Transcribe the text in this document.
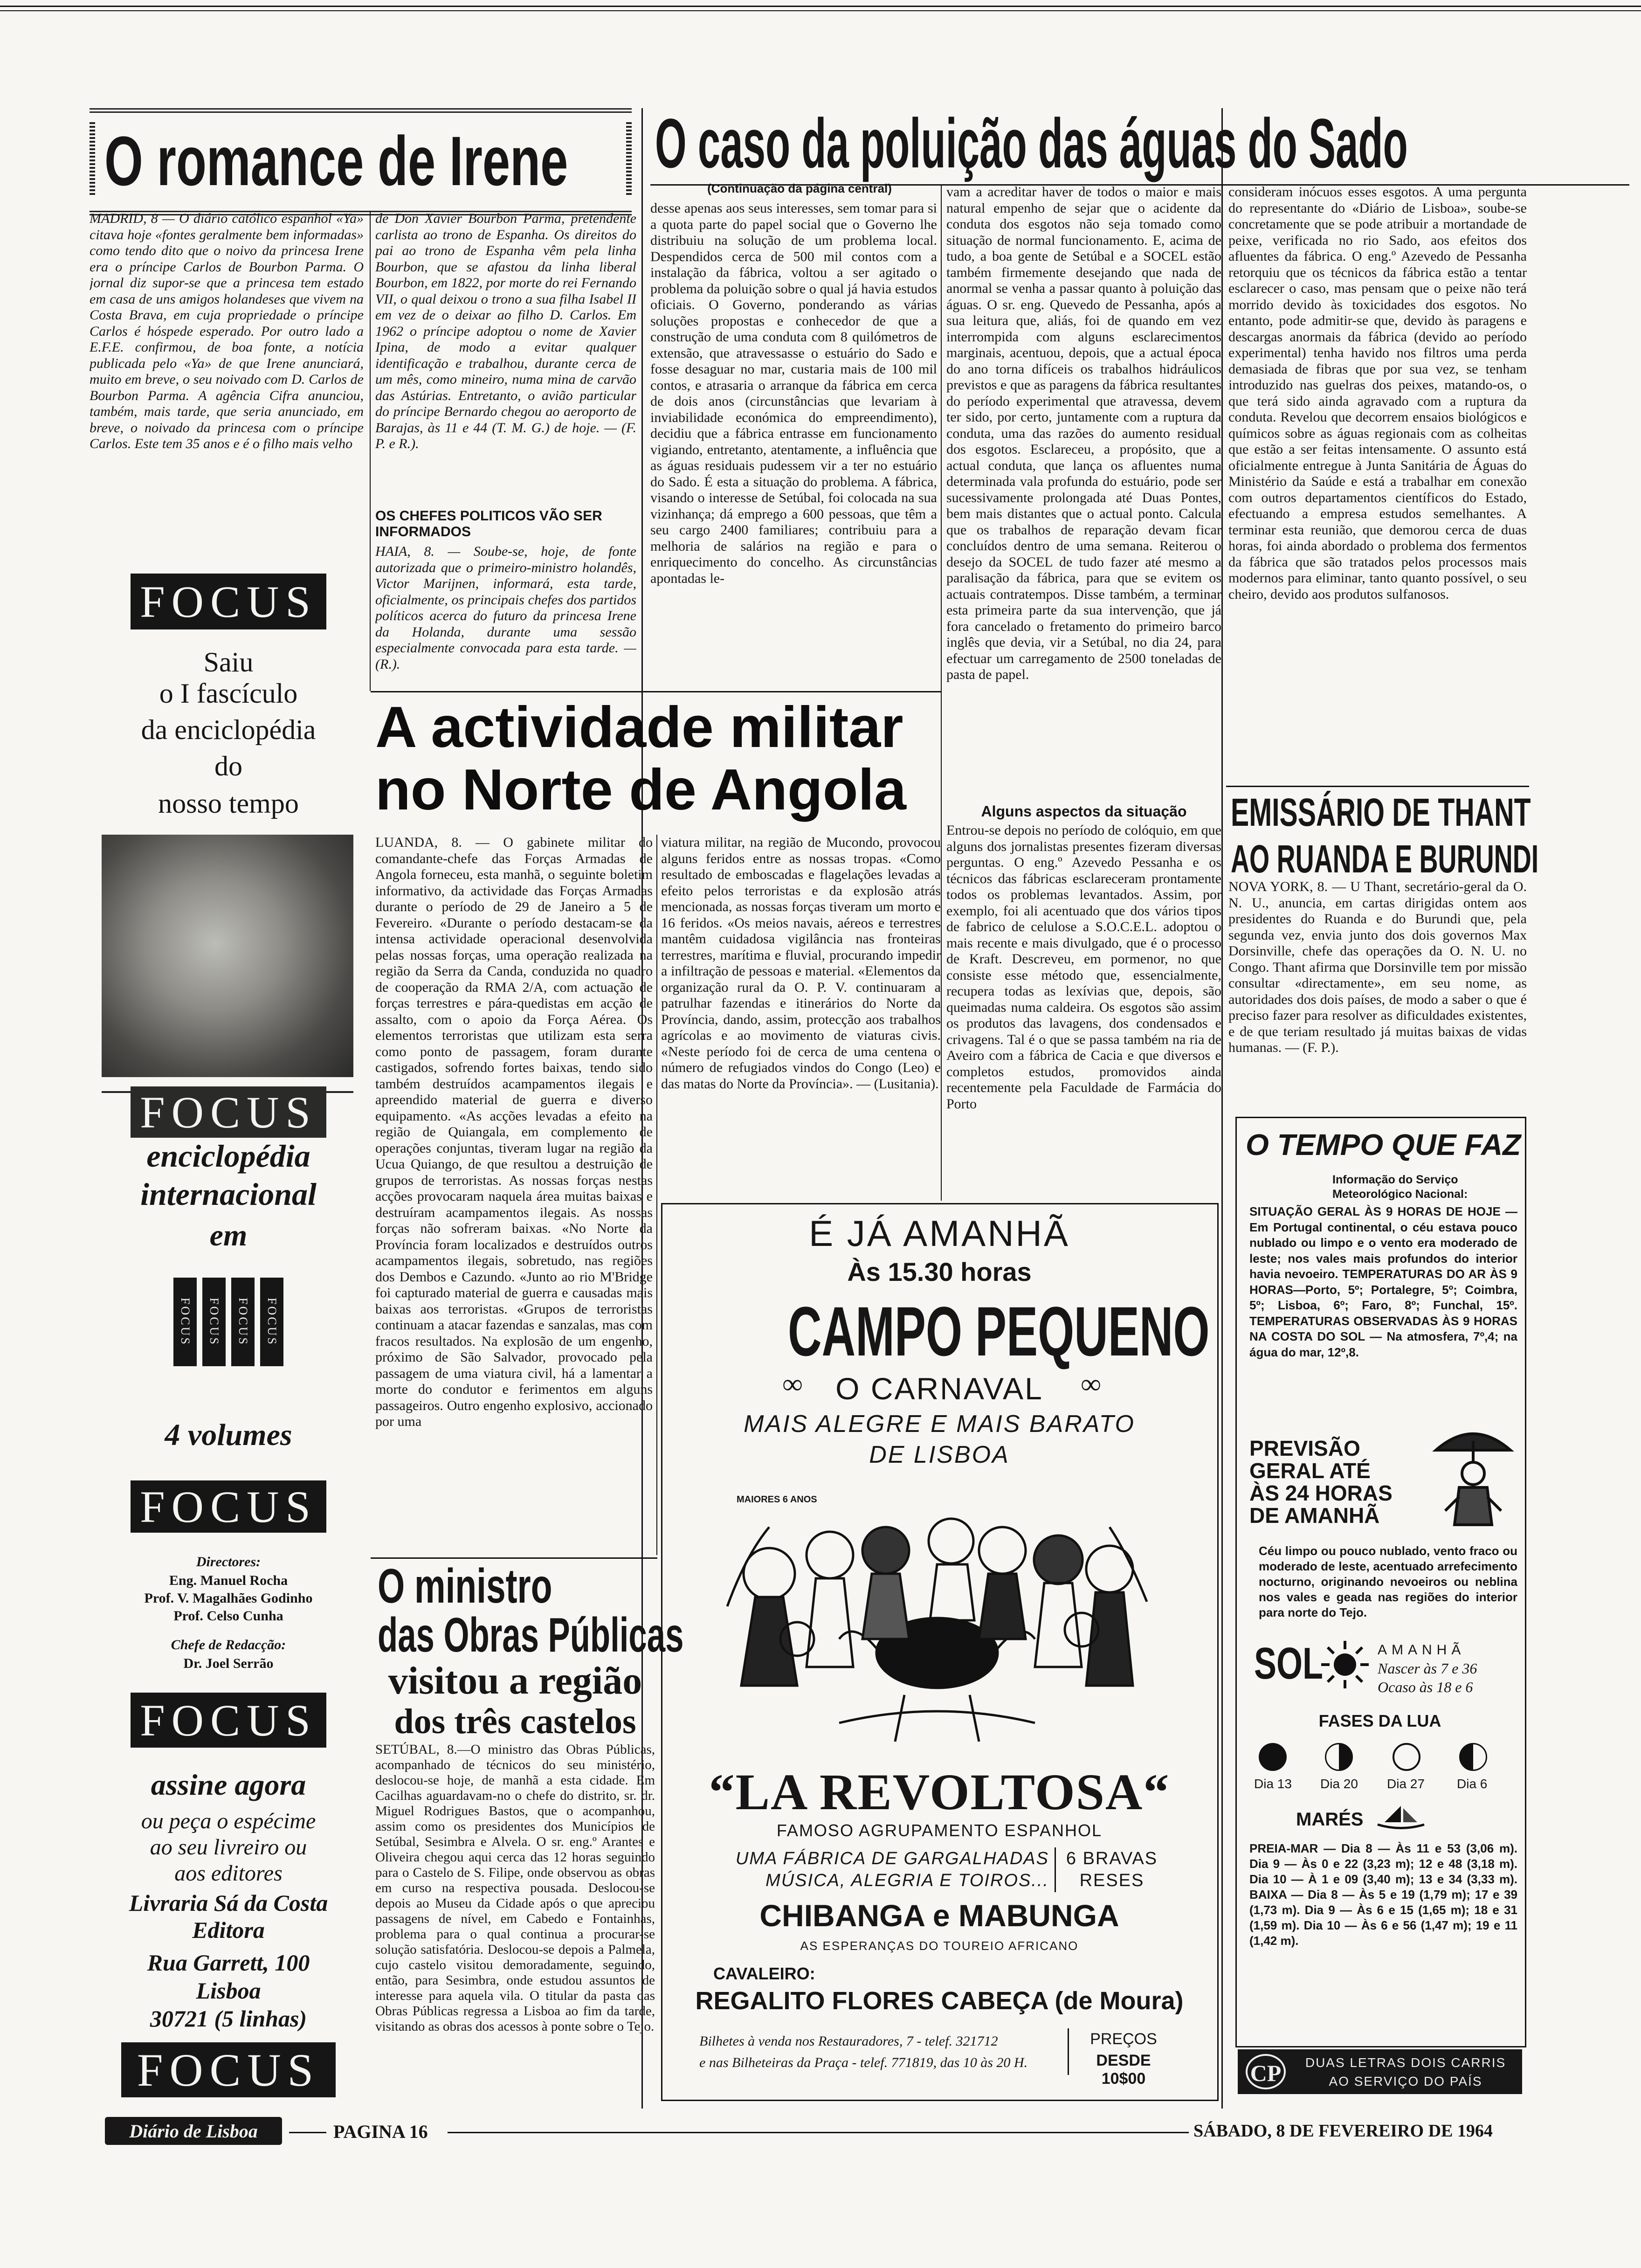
O romance de Irene
MADRID, 8 — O diário católico espanhol «Ya» citava hoje «fontes geralmente bem informadas» como tendo dito que o noivo da princesa Irene era o príncipe Carlos de Bourbon Parma. O jornal diz supor-se que a princesa tem estado em casa de uns amigos holandeses que vivem na Costa Brava, em cuja propriedade o príncipe Carlos é hóspede esperado. Por outro lado a E.F.E. confirmou, de boa fonte, a notícia publicada pelo «Ya» de que Irene anunciará, muito em breve, o seu noivado com D. Carlos de Bourbon Parma. A agência Cifra anunciou, também, mais tarde, que seria anunciado, em breve, o noivado da princesa com o príncipe Carlos. Este tem 35 anos e é o filho mais velho
de Don Xavier Bourbon Parma, pretendente carlista ao trono de Espanha. Os direitos do pai ao trono de Espanha vêm pela linha Bourbon, que se afastou da linha liberal Bourbon, em 1822, por morte do rei Fernando VII, o qual deixou o trono a sua filha Isabel II em vez de o deixar ao filho D. Carlos. Em 1962 o príncipe adoptou o nome de Xavier Ipina, de modo a evitar qualquer identificação e trabalhou, durante cerca de um mês, como mineiro, numa mina de carvão das Astúrias. Entretanto, o avião particular do príncipe Bernardo chegou ao aeroporto de Barajas, às 11 e 44 (T. M. G.) de hoje. — (F. P. e R.).
OS CHEFES POLITICOS VÃO SER INFORMADOS
HAIA, 8. — Soube-se, hoje, de fonte autorizada que o primeiro-ministro holandês, Victor Marijnen, informará, esta tarde, oficialmente, os principais chefes dos partidos políticos acerca do futuro da princesa Irene da Holanda, durante uma sessão especialmente convocada para esta tarde. — (R.).
FOCUS
Saiu
o I fascículo
da enciclopédia
do
nosso tempo
FOCUS
enciclopédia
internacional
em
FOCUS	FOCUS	FOCUS	FOCUS
4 volumes
FOCUS
Directores:
Eng. Manuel Rocha
Prof. V. Magalhães Godinho
Prof. Celso Cunha
Chefe de Redacção:
Dr. Joel Serrão
FOCUS
assine agora
ou peça o espécime
ao seu livreiro ou
aos editores
Livraria Sá da Costa
Editora
Rua Garrett, 100
Lisboa
30721 (5 linhas)
FOCUS
O caso da poluição das águas do Sado
(Continuação da página central)
desse apenas aos seus interesses, sem tomar para si a quota parte do papel social que o Governo lhe distribuiu na solução de um problema local. Despendidos cerca de 500 mil contos com a instalação da fábrica, voltou a ser agitado o problema da poluição sobre o qual já havia estudos oficiais. O Governo, ponderando as várias soluções propostas e conhecedor de que a construção de uma conduta com 8 quilómetros de extensão, que atravessasse o estuário do Sado e fosse desaguar no mar, custaria mais de 100 mil contos, e atrasaria o arranque da fábrica em cerca de dois anos (circunstâncias que levariam à inviabilidade económica do empreendimento), decidiu que a fábrica entrasse em funcionamento vigiando, entretanto, atentamente, a influência que as águas residuais pudessem vir a ter no estuário do Sado. É esta a situação do problema. A fábrica, visando o interesse de Setúbal, foi colocada na sua vizinhança; dá emprego a 600 pessoas, que têm a seu cargo 2400 familiares; contribuiu para a melhoria de salários na região e para o enriquecimento do concelho. As circunstâncias apontadas le-
vam a acreditar haver de todos o maior e mais natural empenho de sejar que o acidente da conduta dos esgotos não seja tomado como situação de normal funcionamento. E, acima de tudo, a boa gente de Setúbal e a SOCEL estão também firmemente desejando que nada de anormal se venha a passar quanto à poluição das águas. O sr. eng. Quevedo de Pessanha, após a sua leitura que, aliás, foi de quando em vez interrompida com alguns esclarecimentos marginais, acentuou, depois, que a actual época do ano torna difíceis os trabalhos hidráulicos previstos e que as paragens da fábrica resultantes do período experimental que atravessa, devem ter sido, por certo, juntamente com a ruptura da conduta, uma das razões do aumento residual dos esgotos. Esclareceu, a propósito, que a actual conduta, que lança os afluentes numa determinada vala profunda do estuário, pode ser sucessivamente prolongada até Duas Pontes, bem mais distantes que o actual ponto. Calcula que os trabalhos de reparação devam ficar concluídos dentro de uma semana. Reiterou o desejo da SOCEL de tudo fazer até mesmo a paralisação da fábrica, para que se evitem os actuais contratempos. Disse também, a terminar esta primeira parte da sua intervenção, que já fora cancelado o fretamento do primeiro barco inglês que devia, vir a Setúbal, no dia 24, para efectuar um carregamento de 2500 toneladas de pasta de papel.
Alguns aspectos da situação
Entrou-se depois no período de colóquio, em que alguns dos jornalistas presentes fizeram diversas perguntas. O eng.º Azevedo Pessanha e os técnicos das fábricas esclareceram prontamente todos os problemas levantados. Assim, por exemplo, foi ali acentuado que dos vários tipos de fabrico de celulose a S.O.C.E.L. adoptou o mais recente e mais divulgado, que é o processo de Kraft. Descreveu, em pormenor, no que consiste esse método que, essencialmente, recupera todas as lexívias que, depois, são queimadas numa caldeira. Os esgotos são assim os produtos das lavagens, dos condensados e crivagens. Tal é o que se passa também na ria de Aveiro com a fábrica de Cacia e que diversos e completos estudos, promovidos ainda recentemente pela Faculdade de Farmácia do Porto
consideram inócuos esses esgotos. A uma pergunta do representante do «Diário de Lisboa», soube-se concretamente que se pode atribuir a mortandade de peixe, verificada no rio Sado, aos efeitos dos afluentes da fábrica. O eng.º Azevedo de Pessanha retorquiu que os técnicos da fábrica estão a tentar esclarecer o caso, mas pensam que o peixe não terá morrido devido às toxicidades dos esgotos. No entanto, pode admitir-se que, devido às paragens e descargas anormais da fábrica (devido ao período experimental) tenha havido nos filtros uma perda demasiada de fibras que por sua vez, se tenham introduzido nas guelras dos peixes, matando-os, o que terá sido ainda agravado com a ruptura da conduta. Revelou que decorrem ensaios biológicos e químicos sobre as águas regionais com as colheitas que estão a ser feitas intensamente. O assunto está oficialmente entregue à Junta Sanitária de Águas do Ministério da Saúde e está a trabalhar em conexão com outros departamentos científicos do Estado, efectuando a empresa estudos semelhantes. A terminar esta reunião, que demorou cerca de duas horas, foi ainda abordado o problema dos fermentos da fábrica que são tratados pelos processos mais modernos para eliminar, tanto quanto possível, o seu cheiro, devido aos produtos sulfanosos.
A actividade militar
no Norte de Angola
LUANDA, 8. — O gabinete militar do comandante-chefe das Forças Armadas de Angola forneceu, esta manhã, o seguinte boletim informativo, da actividade das Forças Armadas durante o período de 29 de Janeiro a 5 de Fevereiro. «Durante o período destacam-se da intensa actividade operacional desenvolvida pelas nossas forças, uma operação realizada na região da Serra da Canda, conduzida no quadro de cooperação da RMA 2/A, com actuação de forças terrestres e pára-quedistas em acção de assalto, com o apoio da Força Aérea. Os elementos terroristas que utilizam esta serra como ponto de passagem, foram durante castigados, sofrendo fortes baixas, tendo sido também destruídos acampamentos ilegais e apreendido material de guerra e diverso equipamento. «As acções levadas a efeito na região de Quiangala, em complemento de operações conjuntas, tiveram lugar na região da Ucua Quiango, de que resultou a destruição de grupos de terroristas. As nossas forças nestas acções provocaram naquela área muitas baixas e destruíram acampamentos ilegais. As nossas forças não sofreram baixas. «No Norte da Província foram localizados e destruídos outros acampamentos ilegais, sobretudo, nas regiões dos Dembos e Cazundo. «Junto ao rio M'Bridge foi capturado material de guerra e causadas mais baixas aos terroristas. «Grupos de terroristas continuam a atacar fazendas e sanzalas, mas com fracos resultados. Na explosão de um engenho, próximo de São Salvador, provocado pela passagem de uma viatura civil, há a lamentar a morte do condutor e ferimentos em alguns passageiros. Outro engenho explosivo, accionado por uma
viatura militar, na região de Mucondo, provocou alguns feridos entre as nossas tropas. «Como resultado de emboscadas e flagelações levadas a efeito pelos terroristas e da explosão atrás mencionada, as nossas forças tiveram um morto e 16 feridos. «Os meios navais, aéreos e terrestres mantêm cuidadosa vigilância nas fronteiras terrestres, marítima e fluvial, procurando impedir a infiltração de pessoas e material. «Elementos da organização rural da O. P. V. continuaram a patrulhar fazendas e itinerários do Norte da Província, dando, assim, protecção aos trabalhos agrícolas e ao movimento de viaturas civis. «Neste período foi de cerca de uma centena o número de refugiados vindos do Congo (Leo) e das matas do Norte da Província». — (Lusitania).
O ministro
das Obras Públicas
visitou a região
dos três castelos
SETÚBAL, 8.—O ministro das Obras Públicas, acompanhado de técnicos do seu ministério, deslocou-se hoje, de manhã a esta cidade. Em Cacilhas aguardavam-no o chefe do distrito, sr. dr. Miguel Rodrigues Bastos, que o acompanhou, assim como os presidentes dos Municípios de Setúbal, Sesimbra e Alvela. O sr. eng.º Arantes e Oliveira chegou aqui cerca das 12 horas seguindo para o Castelo de S. Filipe, onde observou as obras em curso na respectiva pousada. Deslocou-se depois ao Museu da Cidade após o que apreciou passagens de nível, em Cabedo e Fontainhas, problema para o qual continua a procurar-se solução satisfatória. Deslocou-se depois a Palmela, cujo castelo visitou demoradamente, seguindo, então, para Sesimbra, onde estudou assuntos de interesse para aquela vila. O titular da pasta das Obras Públicas regressa a Lisboa ao fim da tarde, visitando as obras dos acessos à ponte sobre o Tejo.
É JÁ AMANHÃ
Às 15.30 horas
CAMPO PEQUENO
O CARNAVAL
∞	∞
MAIS ALEGRE E MAIS BARATO
DE LISBOA
MAIORES 6 ANOS
“LA REVOLTOSA“
FAMOSO AGRUPAMENTO ESPANHOL
UMA FÁBRICA DE GARGALHADAS
MÚSICA, ALEGRIA E TOIROS...
6 BRAVAS
RESES
CHIBANGA e MABUNGA
AS ESPERANÇAS DO TOUREIO AFRICANO
CAVALEIRO:
REGALITO FLORES CABEÇA (de Moura)
Bilhetes à venda nos Restauradores, 7 - telef. 321712
e nas Bilheteiras da Praça - telef. 771819, das 10 às 20 H.
PREÇOS
DESDE 10$00
EMISSÁRIO DE THANT
AO RUANDA E BURUNDI
NOVA YORK, 8. — U Thant, secretário-geral da O. N. U., anuncia, em cartas dirigidas ontem aos presidentes do Ruanda e do Burundi que, pela segunda vez, envia junto dos dois governos Max Dorsinville, chefe das operações da O. N. U. no Congo. Thant afirma que Dorsinville tem por missão consultar «directamente», em seu nome, as autoridades dos dois países, de modo a saber o que é preciso fazer para resolver as dificuldades existentes, e de que teriam resultado já muitas baixas de vidas humanas. — (F. P.).
O TEMPO QUE FAZ
Informação do Serviço Meteorológico Nacional:
SITUAÇÃO GERAL ÀS 9 HORAS DE HOJE — Em Portugal continental, o céu estava pouco nublado ou limpo e o vento era moderado de leste; nos vales mais profundos do interior havia nevoeiro. TEMPERATURAS DO AR ÀS 9 HORAS—Porto, 5º; Portalegre, 5º; Coimbra, 5º; Lisboa, 6º; Faro, 8º; Funchal, 15º. TEMPERATURAS OBSERVADAS ÀS 9 HORAS NA COSTA DO SOL — Na atmosfera, 7º,4; na água do mar, 12º,8.
PREVISÃO
GERAL ATÉ
ÀS 24 HORAS
DE AMANHÃ
Céu limpo ou pouco nublado, vento fraco ou moderado de leste, acentuado arrefecimento nocturno, originando nevoeiros ou neblina nos vales e geada nas regiões do interior para norte do Tejo.
SOL	AMANHÃ
Nascer às 7 e 36
Ocaso às 18 e 6
FASES DA LUA
Dia 13 Dia 20 Dia 27 Dia 6
MARÉS
PREIA-MAR — Dia 8 — Às 11 e 53 (3,06 m). Dia 9 — Às 0 e 22 (3,23 m); 12 e 48 (3,18 m). Dia 10 — À 1 e 09 (3,40 m); 13 e 34 (3,33 m). BAIXA — Dia 8 — Às 5 e 19 (1,79 m); 17 e 39 (1,73 m). Dia 9 — Às 6 e 15 (1,65 m); 18 e 31 (1,59 m). Dia 10 — Às 6 e 56 (1,47 m); 19 e 11 (1,42 m).
CP	DUAS LETRAS DOIS CARRIS
AO SERVIÇO DO PAÍS
Diário de Lisboa	PAGINA 16	SÁBADO, 8 DE FEVEREIRO DE 1964
